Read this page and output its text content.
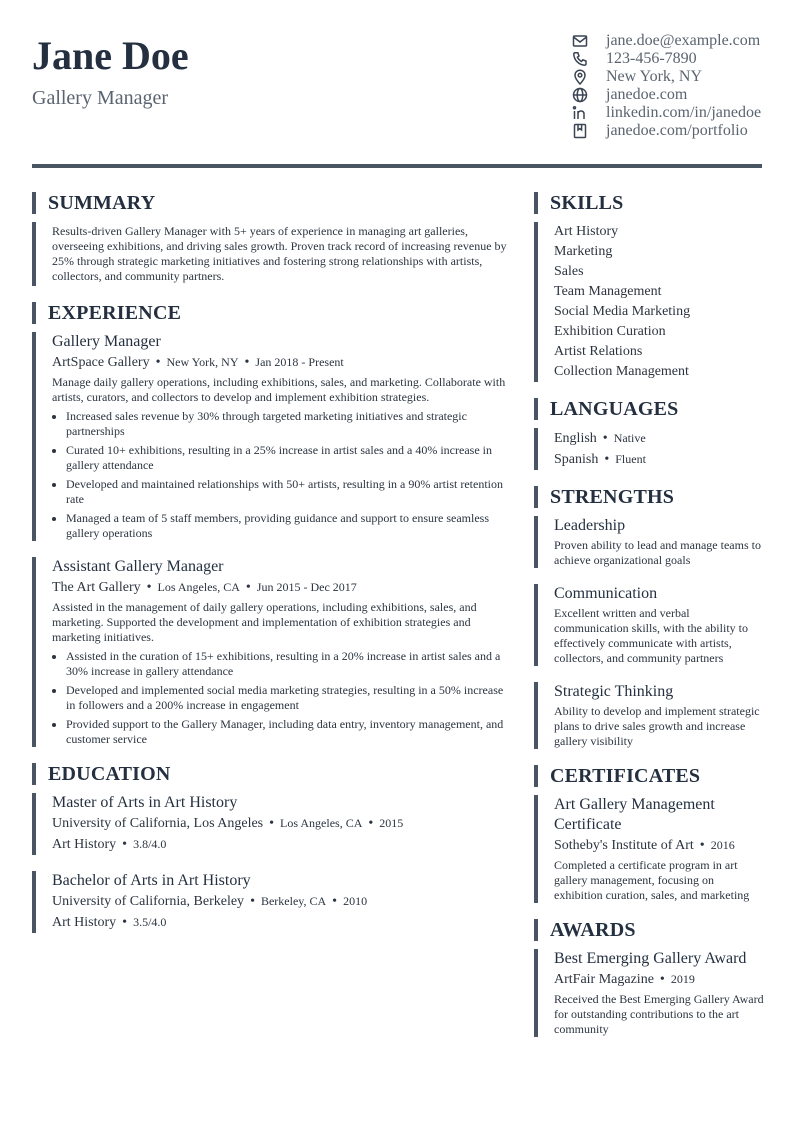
Jane Doe
Gallery Manager
jane.doe@example.com
123-456-7890
New York, NY
janedoe.com
linkedin.com/in/janedoe
janedoe.com/portfolio
SUMMARY
Results-driven Gallery Manager with 5+ years of experience in managing art galleries, overseeing exhibitions, and driving sales growth. Proven track record of increasing revenue by 25% through strategic marketing initiatives and fostering strong relationships with artists, collectors, and community partners.
EXPERIENCE
Gallery Manager
ArtSpace Gallery • New York, NY • Jan 2018 - Present
Manage daily gallery operations, including exhibitions, sales, and marketing. Collaborate with artists, curators, and collectors to develop and implement exhibition strategies.
• Increased sales revenue by 30% through targeted marketing initiatives and strategic partnerships
• Curated 10+ exhibitions, resulting in a 25% increase in artist sales and a 40% increase in gallery attendance
• Developed and maintained relationships with 50+ artists, resulting in a 90% artist retention rate
• Managed a team of 5 staff members, providing guidance and support to ensure seamless gallery operations
Assistant Gallery Manager
The Art Gallery • Los Angeles, CA • Jun 2015 - Dec 2017
Assisted in the management of daily gallery operations, including exhibitions, sales, and marketing. Supported the development and implementation of exhibition strategies and marketing initiatives.
• Assisted in the curation of 15+ exhibitions, resulting in a 20% increase in artist sales and a 30% increase in gallery attendance
• Developed and implemented social media marketing strategies, resulting in a 50% increase in followers and a 200% increase in engagement
• Provided support to the Gallery Manager, including data entry, inventory management, and customer service
EDUCATION
Master of Arts in Art History
University of California, Los Angeles • Los Angeles, CA • 2015
Art History • 3.8/4.0
Bachelor of Arts in Art History
University of California, Berkeley • Berkeley, CA • 2010
Art History • 3.5/4.0
SKILLS
Art History
Marketing
Sales
Team Management
Social Media Marketing
Exhibition Curation
Artist Relations
Collection Management
LANGUAGES
English • Native
Spanish • Fluent
STRENGTHS
Leadership
Proven ability to lead and manage teams to achieve organizational goals
Communication
Excellent written and verbal communication skills, with the ability to effectively communicate with artists, collectors, and community partners
Strategic Thinking
Ability to develop and implement strategic plans to drive sales growth and increase gallery visibility
CERTIFICATES
Art Gallery Management Certificate
Sotheby's Institute of Art • 2016
Completed a certificate program in art gallery management, focusing on exhibition curation, sales, and marketing
AWARDS
Best Emerging Gallery Award
ArtFair Magazine • 2019
Received the Best Emerging Gallery Award for outstanding contributions to the art community
